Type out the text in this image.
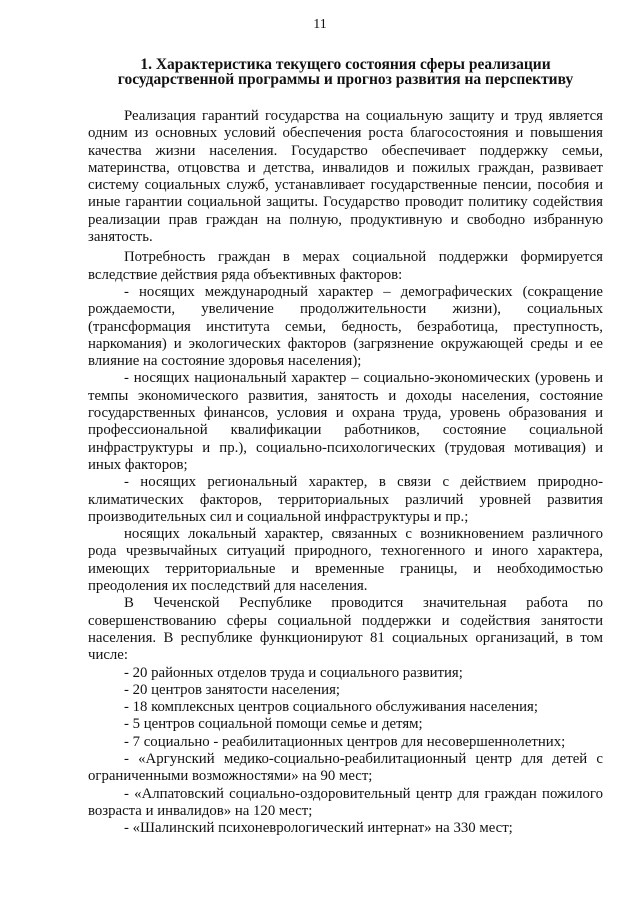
11
1. Характеристика текущего состояния сферы реализации
государственной программы и прогноз развития на перспективу

Реализация гарантий государства на социальную защиту и труд является одним из основных условий обеспечения роста благосостояния и повышения качества жизни населения. Государство обеспечивает поддержку семьи, материнства, отцовства и детства, инвалидов и пожилых граждан, развивает систему социальных служб, устанавливает государственные пенсии, пособия и иные гарантии социальной защиты. Государство проводит политику содействия реализации прав граждан на полную, продуктивную и свободно избранную занятость.

Потребность граждан в мерах социальной поддержки формируется вследствие действия ряда объективных факторов:

- носящих международный характер – демографических (сокращение рождаемости, увеличение продолжительности жизни), социальных (трансформация института семьи, бедность, безработица, преступность, наркомания) и экологических факторов (загрязнение окружающей среды и ее влияние на состояние здоровья населения);

- носящих национальный характер – социально-экономических (уровень и темпы экономического развития, занятость и доходы населения, состояние государственных финансов, условия и охрана труда, уровень образования и профессиональной квалификации работников, состояние социальной инфраструктуры и пр.), социально-психологических (трудовая мотивация) и иных факторов;

- носящих региональный характер, в связи с действием природно-климатических факторов, территориальных различий уровней развития производительных сил и социальной инфраструктуры и пр.;

носящих локальный характер, связанных с возникновением различного рода чрезвычайных ситуаций природного, техногенного и иного характера, имеющих территориальные и временные границы, и необходимостью преодоления их последствий для населения.

В Чеченской Республике проводится значительная работа по совершенствованию сферы социальной поддержки и содействия занятости населения. В республике функционируют 81 социальных организаций, в том числе:

- 20 районных отделов труда и социального развития;

- 20 центров занятости населения;

- 18 комплексных центров социального обслуживания населения;

- 5 центров социальной помощи семье и детям;

- 7 социально - реабилитационных центров для несовершеннолетних;

- «Аргунский медико-социально-реабилитационный центр для детей с ограниченными возможностями» на 90 мест;

- «Алпатовский социально-оздоровительный центр для граждан пожилого возраста и инвалидов» на 120 мест;

- «Шалинский психоневрологический интернат» на 330 мест;
